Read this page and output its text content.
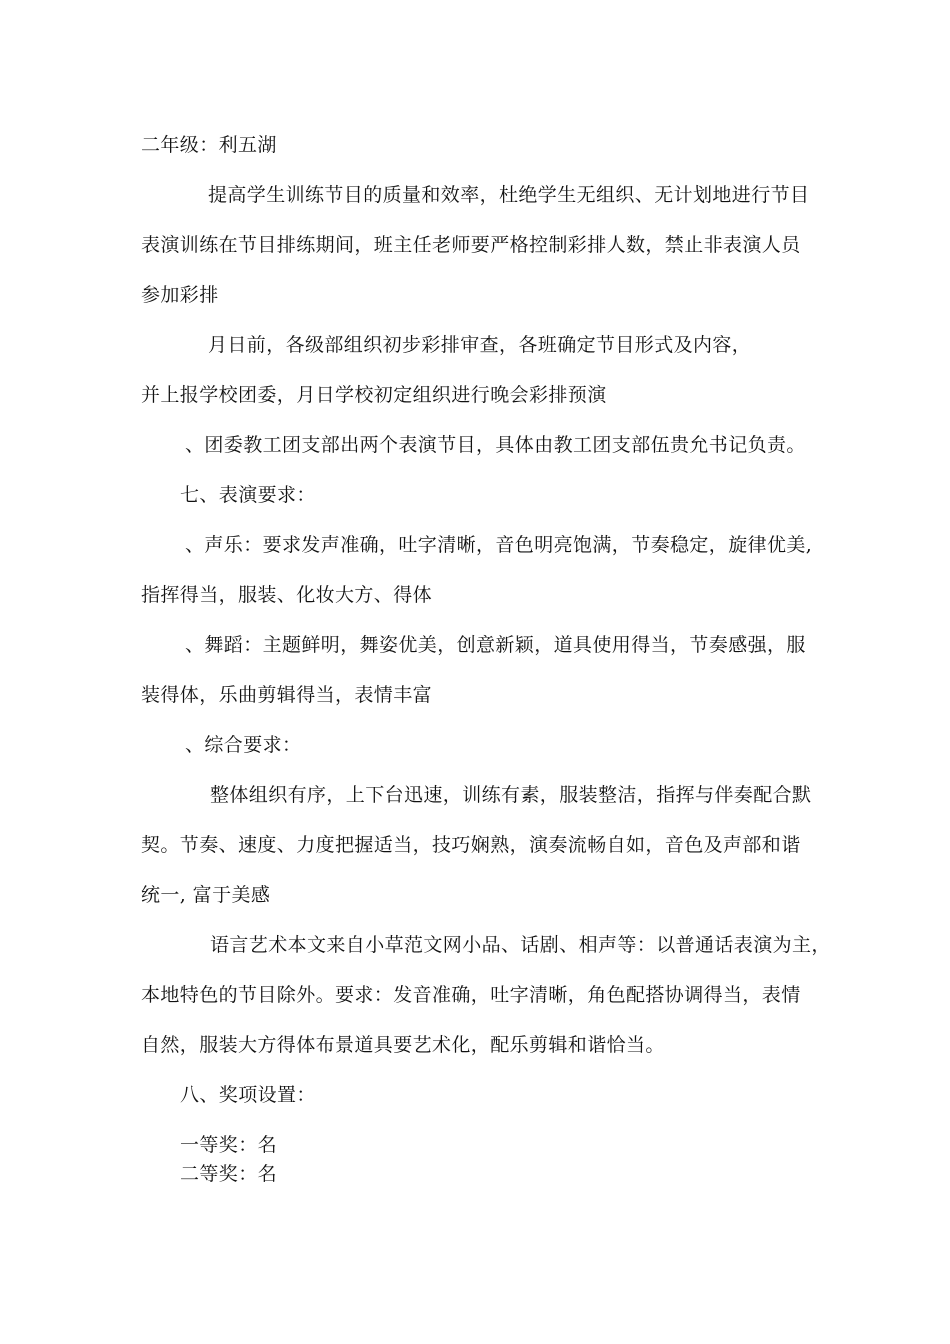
二年级：利五湖
提高学生训练节目的质量和效率，杜绝学生无组织、无计划地进行节目
表演训练在节目排练期间，班主任老师要严格控制彩排人数，禁止非表演人员
参加彩排
月日前，各级部组织初步彩排审查，各班确定节目形式及内容，
并上报学校团委，月日学校初定组织进行晚会彩排预演
、团委教工团支部出两个表演节目，具体由教工团支部伍贵允书记负责。
七、表演要求：
、声乐：要求发声准确，吐字清晰，音色明亮饱满，节奏稳定，旋律优美,
指挥得当，服装、化妆大方、得体
、舞蹈：主题鲜明，舞姿优美，创意新颖，道具使用得当，节奏感强，服
装得体，乐曲剪辑得当，表情丰富
、综合要求：
整体组织有序，上下台迅速，训练有素，服装整洁，指挥与伴奏配合默
契。节奏、速度、力度把握适当，技巧娴熟，演奏流畅自如，音色及声部和谐
统一, 富于美感
语言艺术本文来自小草范文网小品、话剧、相声等：以普通话表演为主，
本地特色的节目除外。要求：发音准确，吐字清晰，角色配搭协调得当，表情
自然，服装大方得体布景道具要艺术化，配乐剪辑和谐恰当。
八、奖项设置：
一等奖：名
二等奖：名
